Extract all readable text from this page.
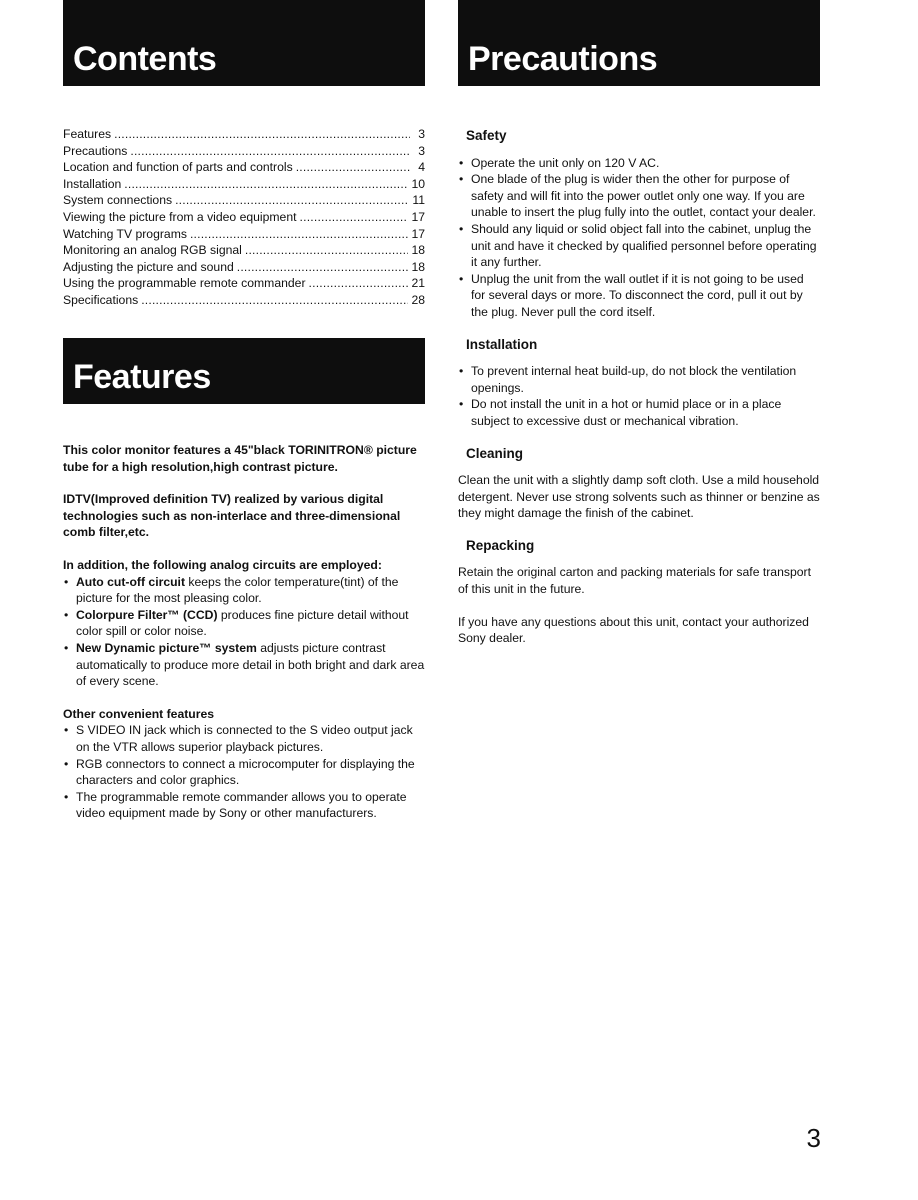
Contents
Features .....	3
Precautions .....	3
Location and function of parts and controls .....	4
Installation .....	10
System connections .....	11
Viewing the picture from a video equipment .....	17
Watching TV programs .....	17
Monitoring an analog RGB signal .....	18
Adjusting the picture and sound .....	18
Using the programmable remote commander .....	21
Specifications .....	28
Features

This color monitor features a 45"black TORINITRON® picture tube for a high resolution,high contrast picture.

IDTV(Improved definition TV) realized by various digital technologies such as non-interlace and three-dimensional comb filter,etc.

In addition, the following analog circuits are employed:

• Auto cut-off circuit keeps the color temperature(tint) of the picture for the most pleasing color.
• Colorpure Filter™ (CCD) produces fine picture detail without color spill or color noise.
• New Dynamic picture™ system adjusts picture contrast automatically to produce more detail in both bright and dark area of every scene.

Other convenient features

• S VIDEO IN jack which is connected to the S video output jack on the VTR allows superior playback pictures.
• RGB connectors to connect a microcomputer for displaying the characters and color graphics.
• The programmable remote commander allows you to operate video equipment made by Sony or other manufacturers.
Precautions
Safety
• Operate the unit only on 120 V AC.
• One blade of the plug is wider then the other for purpose of safety and will fit into the power outlet only one way. If you are unable to insert the plug fully into the outlet, contact your dealer.
• Should any liquid or solid object fall into the cabinet, unplug the unit and have it checked by qualified personnel before operating it any further.
• Unplug the unit from the wall outlet if it is not going to be used for several days or more. To disconnect the cord, pull it out by the plug. Never pull the cord itself.
Installation
• To prevent internal heat build-up, do not block the ventilation openings.
• Do not install the unit in a hot or humid place or in a place subject to excessive dust or mechanical vibration.
Cleaning

Clean the unit with a slightly damp soft cloth. Use a mild household detergent. Never use strong solvents such as thinner or benzine as they might damage the finish of the cabinet.

Repacking

Retain the original carton and packing materials for safe transport of this unit in the future.

If you have any questions about this unit, contact your authorized Sony dealer.

3
